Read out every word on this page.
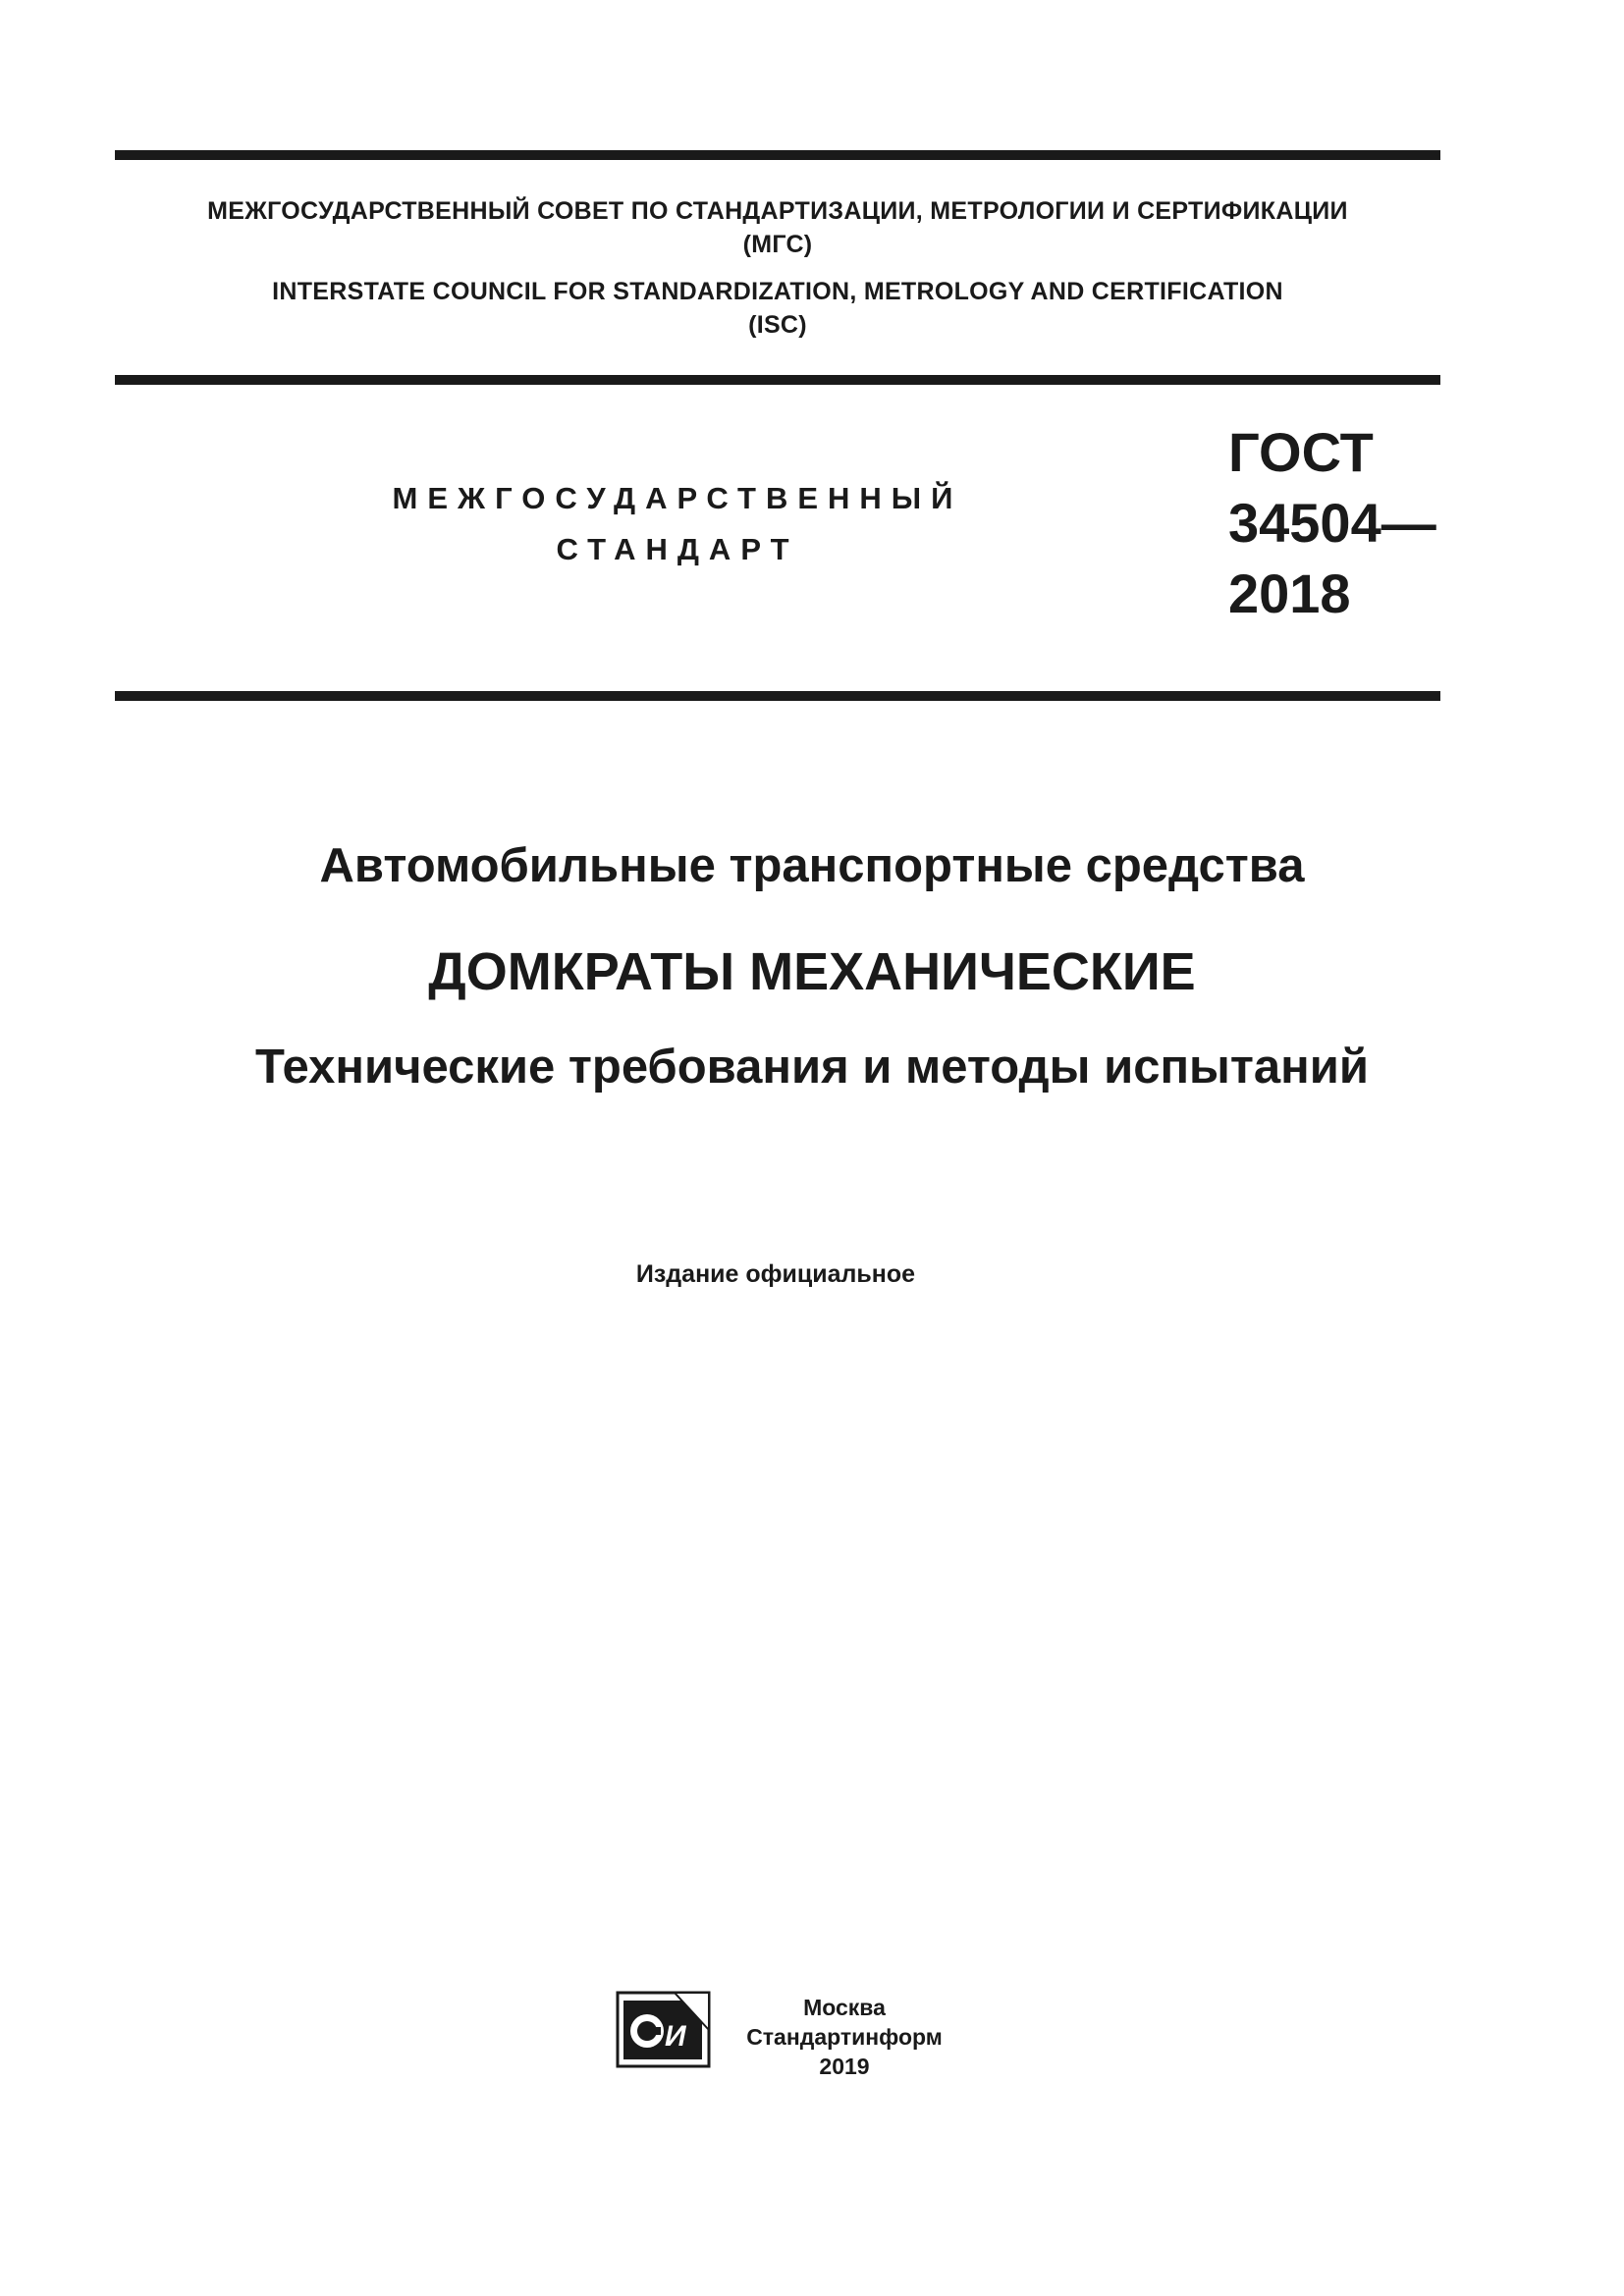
МЕЖГОСУДАРСТВЕННЫЙ СОВЕТ ПО СТАНДАРТИЗАЦИИ, МЕТРОЛОГИИ И СЕРТИФИКАЦИИ
(МГС)
INTERSTATE COUNCIL FOR STANDARDIZATION, METROLOGY AND CERTIFICATION
(ISC)
МЕЖГОСУДАРСТВЕННЫЙ
СТАНДАРТ
ГОСТ
34504—
2018
Автомобильные транспортные средства
ДОМКРАТЫ МЕХАНИЧЕСКИЕ
Технические требования и методы испытаний
Издание официальное
И
Москва
Стандартинформ
2019
